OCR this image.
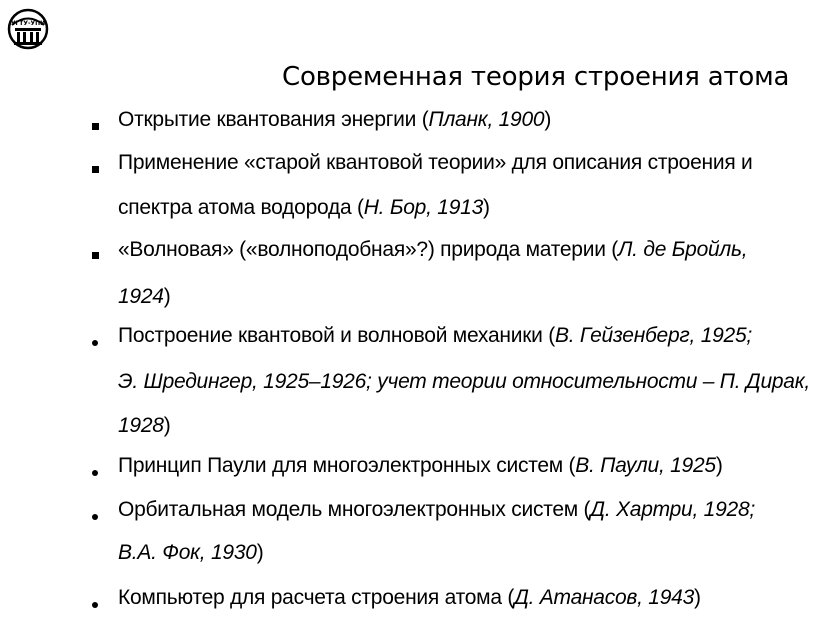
УГТУ-УПИ
Современная теория строения атома
Открытие квантования энергии (Планк, 1900)
Применение «старой квантовой теории» для описания строения и
спектра атома водорода (Н. Бор, 1913)
«Волновая» («волноподобная»?) природа материи (Л. де Бройль,
1924)
Построение квантовой и волновой механики (В. Гейзенберг, 1925;
Э. Шредингер, 1925–1926; учет теории относительности – П. Дирак,
1928)
Принцип Паули для многоэлектронных систем (В. Паули, 1925)
Орбитальная модель многоэлектронных систем (Д. Хартри, 1928;
В.А. Фок, 1930)
Компьютер для расчета строения атома (Д. Атанасов, 1943)
